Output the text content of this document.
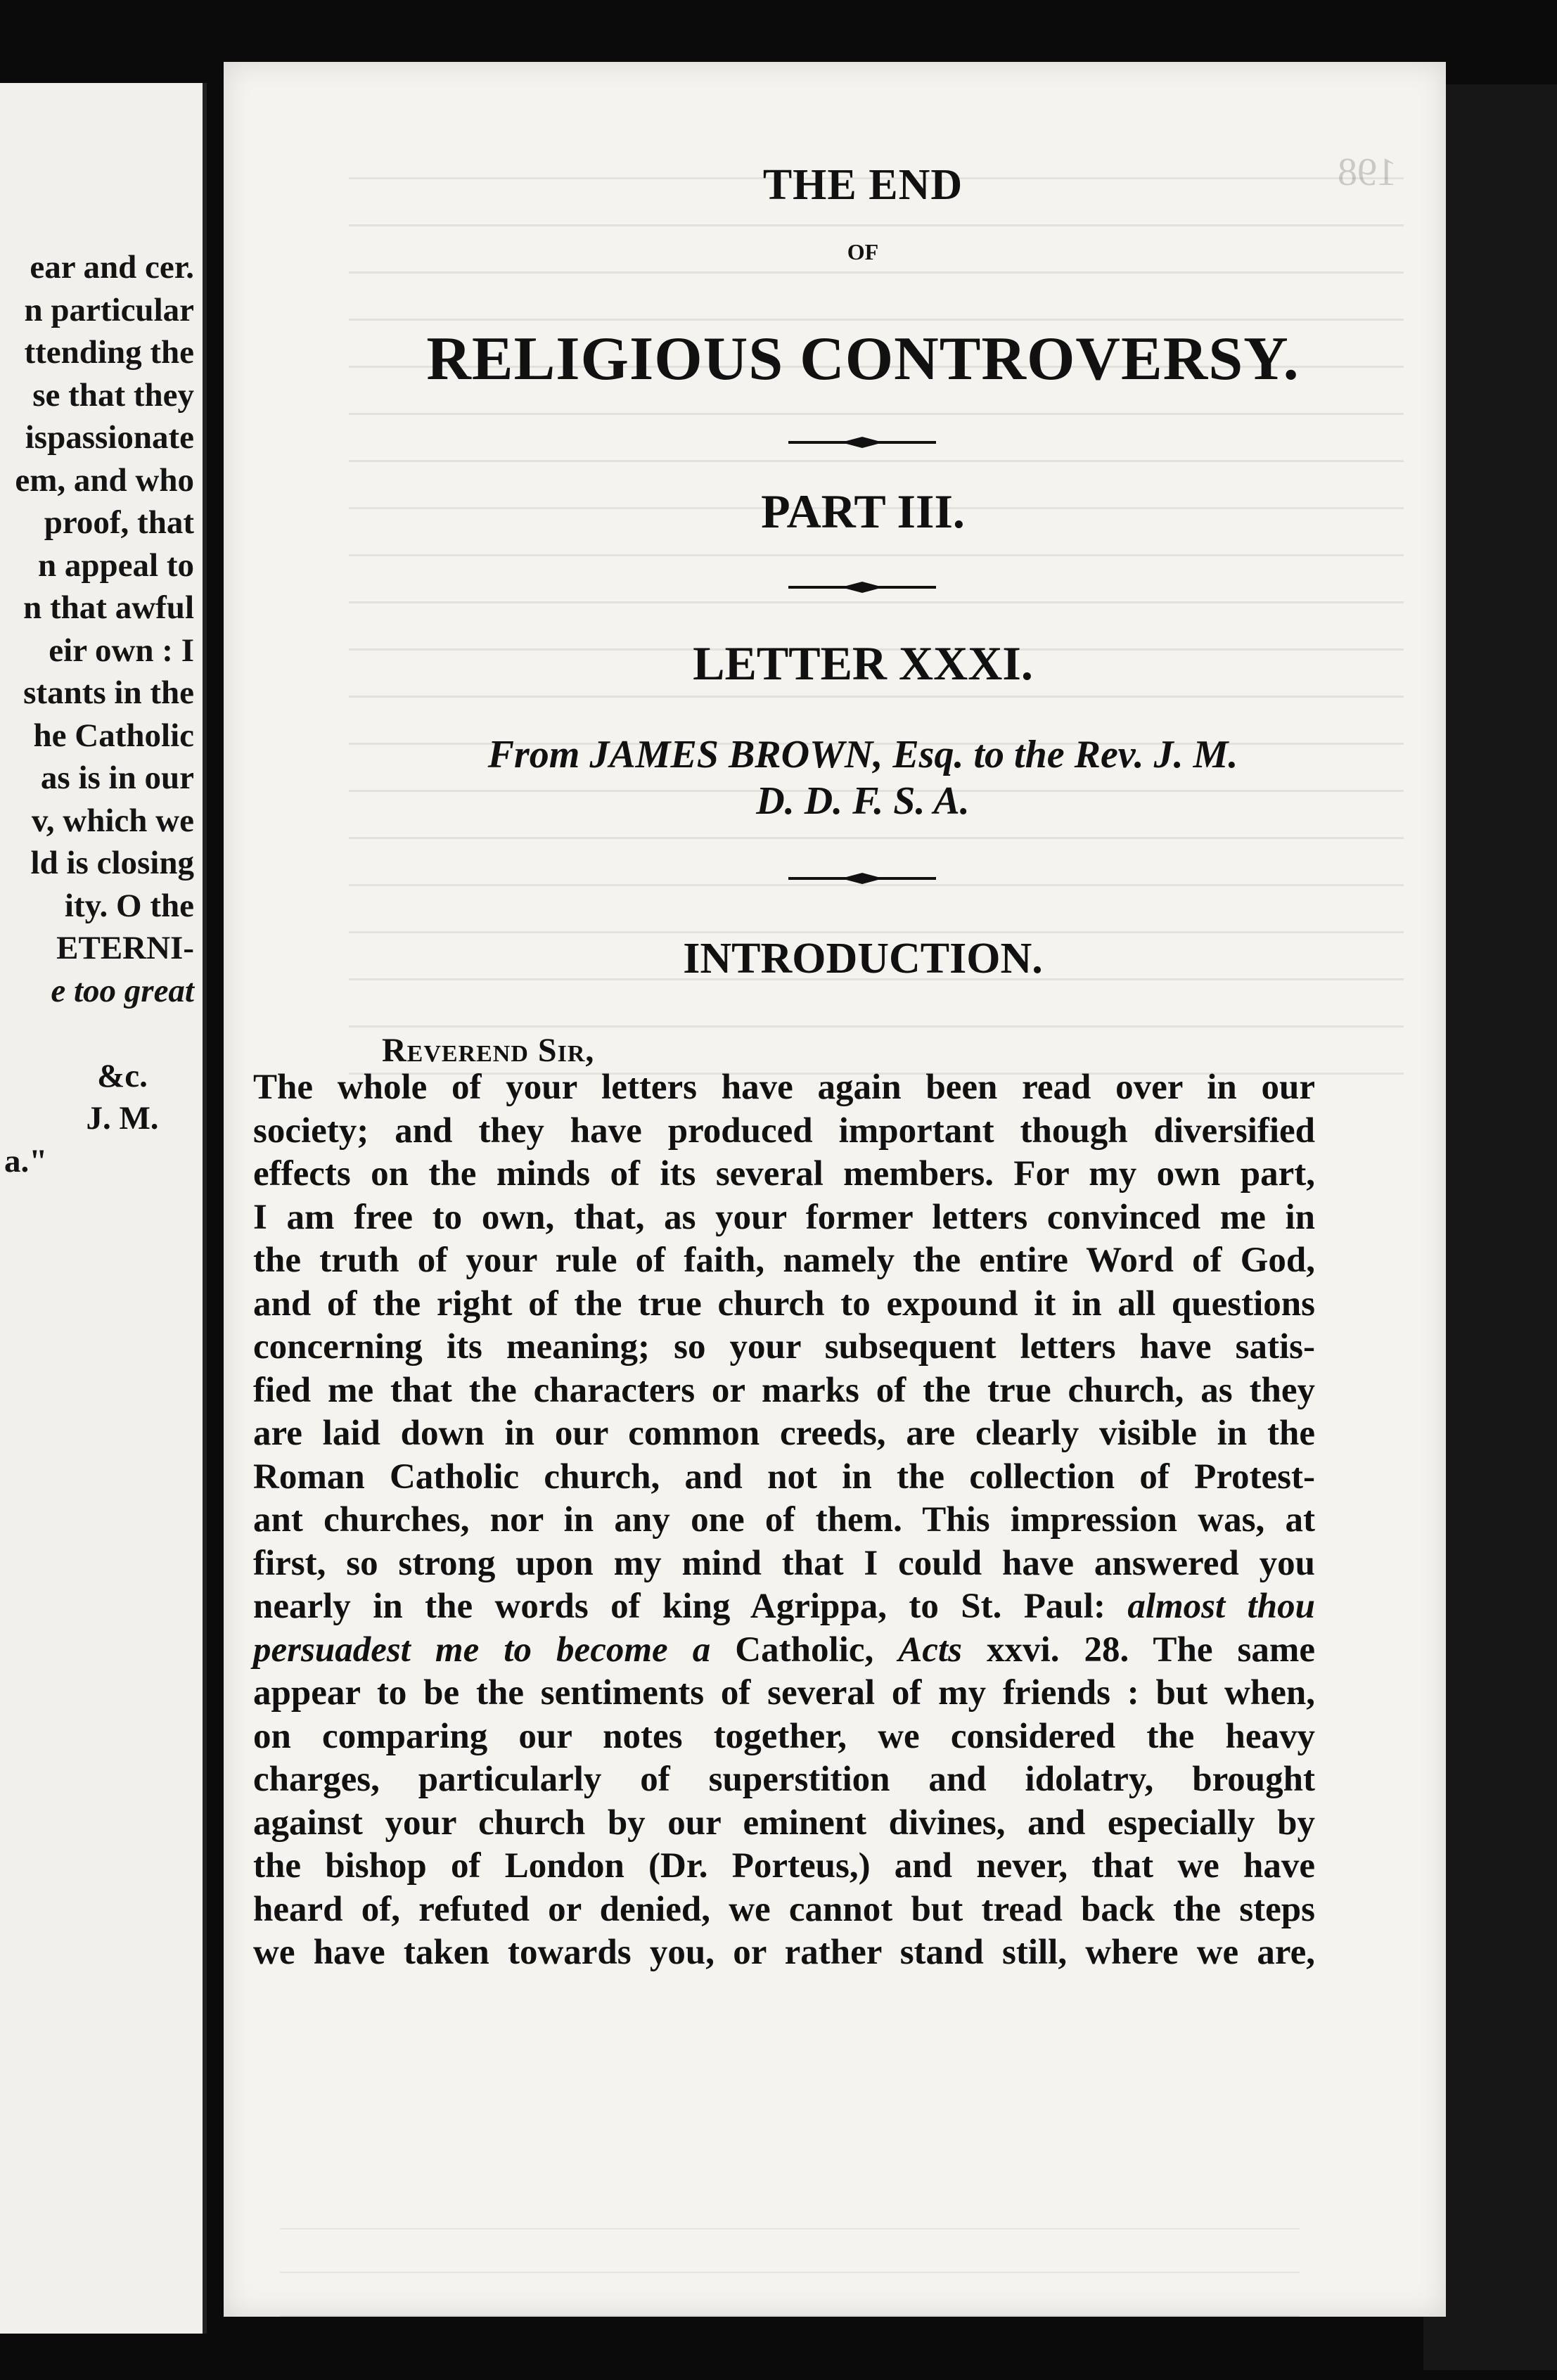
ear and cer.
n particular
ttending the
se that they
ispassionate
em, and who
proof, that
n appeal to
n that awful
eir own : I
stants in the
he Catholic
as is in our
v, which we
ld is closing
ity. O the
ETERNI-
e too great

&c.
J. M.
a."
198
THE END
OF
RELIGIOUS CONTROVERSY.
PART III.
LETTER XXXI.
From JAMES BROWN, Esq. to the Rev. J. M.
D. D. F. S. A.
INTRODUCTION.
Reverend Sir,
The whole of your letters have again been read over in our
society; and they have produced important though diversified
effects on the minds of its several members. For my own part,
I am free to own, that, as your former letters convinced me in
the truth of your rule of faith, namely the entire Word of God,
and of the right of the true church to expound it in all questions
concerning its meaning; so your subsequent letters have satis-
fied me that the characters or marks of the true church, as they
are laid down in our common creeds, are clearly visible in the
Roman Catholic church, and not in the collection of Protest-
ant churches, nor in any one of them. This impression was, at
first, so strong upon my mind that I could have answered you
nearly in the words of king Agrippa, to St. Paul: almost thou
persuadest me to become a Catholic, Acts xxvi. 28. The same
appear to be the sentiments of several of my friends : but when,
on comparing our notes together, we considered the heavy
charges, particularly of superstition and idolatry, brought
against your church by our eminent divines, and especially by
the bishop of London (Dr. Porteus,) and never, that we have
heard of, refuted or denied, we cannot but tread back the steps
we have taken towards you, or rather stand still, where we are,
